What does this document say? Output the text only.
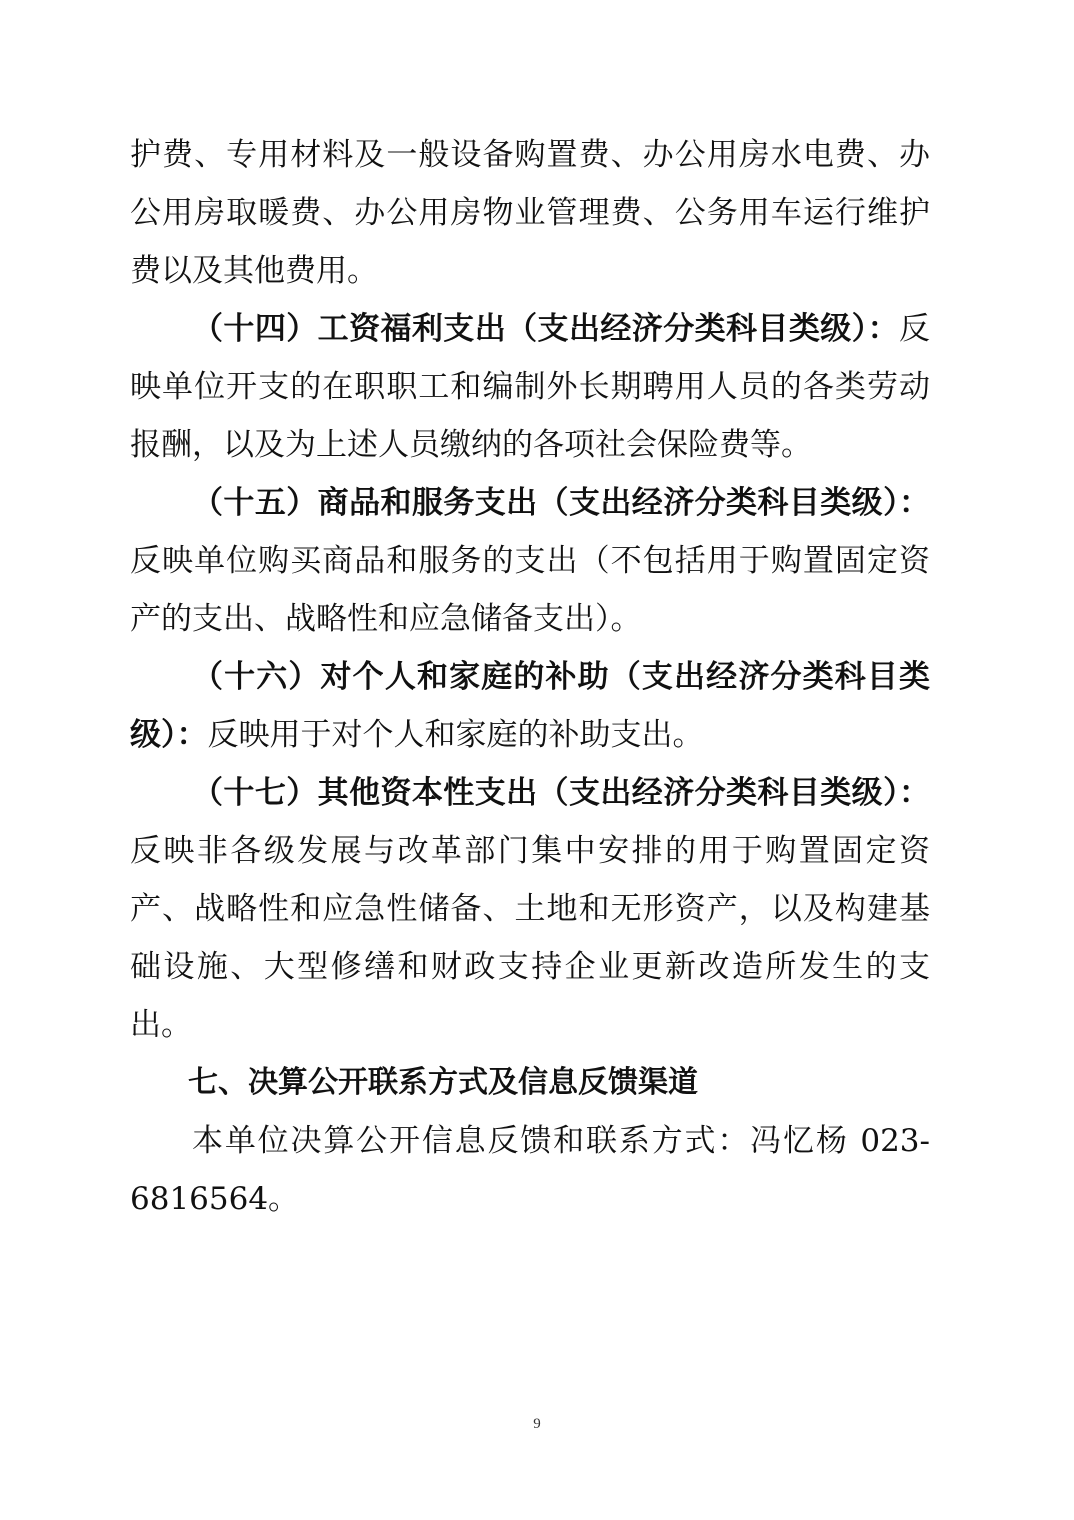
护费、专用材料及一般设备购置费、办公用房水电费、办公用房取暖费、办公用房物业管理费、公务用车运行维护费以及其他费用。

（十四）工资福利支出（支出经济分类科目类级）：反映单位开支的在职职工和编制外长期聘用人员的各类劳动报酬，以及为上述人员缴纳的各项社会保险费等。

（十五）商品和服务支出（支出经济分类科目类级）：反映单位购买商品和服务的支出（不包括用于购置固定资产的支出、战略性和应急储备支出）。

（十六）对个人和家庭的补助（支出经济分类科目类级）：反映用于对个人和家庭的补助支出。

（十七）其他资本性支出（支出经济分类科目类级）：反映非各级发展与改革部门集中安排的用于购置固定资产、战略性和应急性储备、土地和无形资产，以及构建基础设施、大型修缮和财政支持企业更新改造所发生的支出。

七、决算公开联系方式及信息反馈渠道

本单位决算公开信息反馈和联系方式：冯忆杨 023-6816564。

9
